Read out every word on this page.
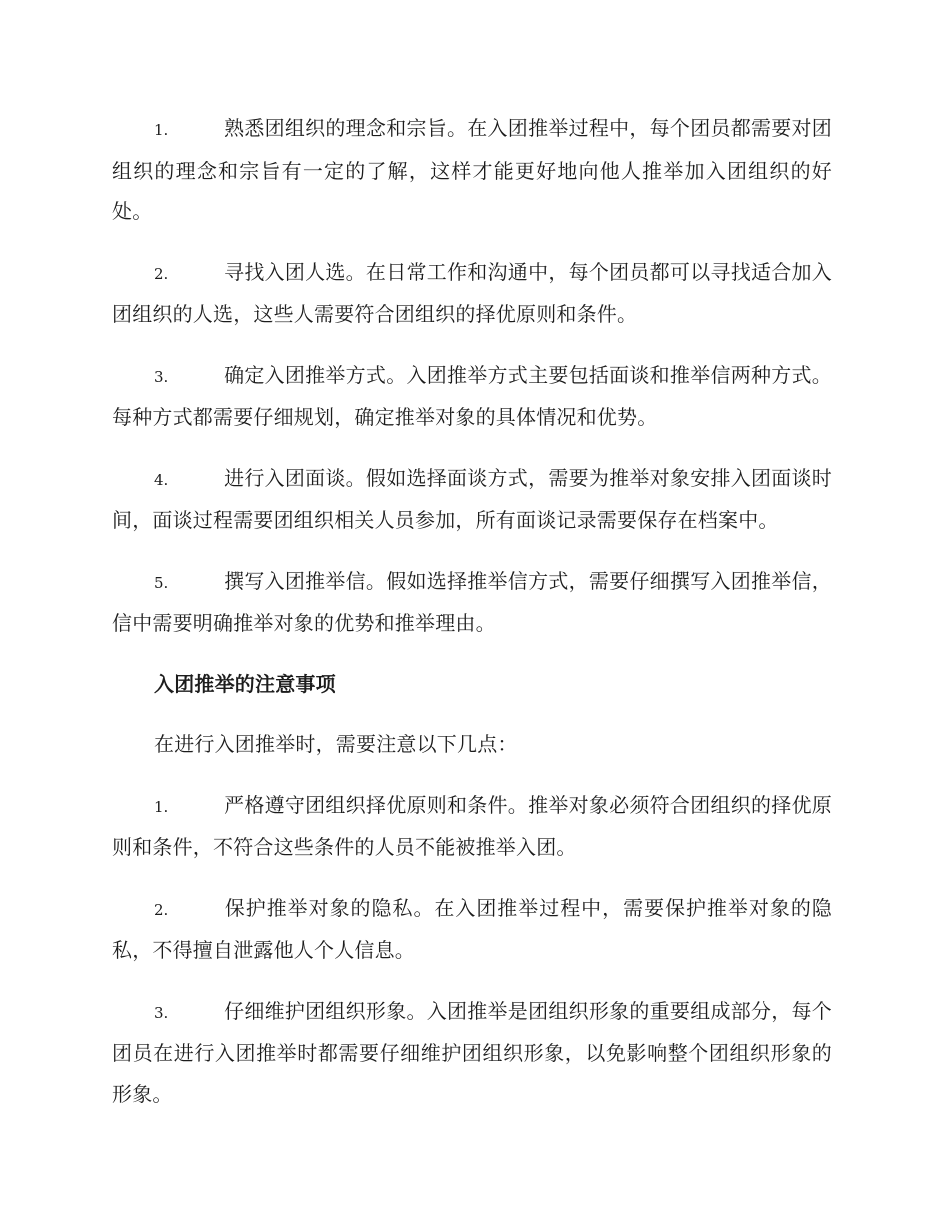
1.	熟悉团组织的理念和宗旨。在入团推举过程中，每个团员都需要对团组织的理念和宗旨有一定的了解，这样才能更好地向他人推举加入团组织的好处。

2.	寻找入团人选。在日常工作和沟通中，每个团员都可以寻找适合加入团组织的人选，这些人需要符合团组织的择优原则和条件。

3.	确定入团推举方式。入团推举方式主要包括面谈和推举信两种方式。每种方式都需要仔细规划，确定推举对象的具体情况和优势。

4.	进行入团面谈。假如选择面谈方式，需要为推举对象安排入团面谈时间，面谈过程需要团组织相关人员参加，所有面谈记录需要保存在档案中。

5.	撰写入团推举信。假如选择推举信方式，需要仔细撰写入团推举信，信中需要明确推举对象的优势和推举理由。

入团推举的注意事项

在进行入团推举时，需要注意以下几点：

1.	严格遵守团组织择优原则和条件。推举对象必须符合团组织的择优原则和条件，不符合这些条件的人员不能被推举入团。

2.	保护推举对象的隐私。在入团推举过程中，需要保护推举对象的隐私，不得擅自泄露他人个人信息。

3.	仔细维护团组织形象。入团推举是团组织形象的重要组成部分，每个团员在进行入团推举时都需要仔细维护团组织形象，以免影响整个团组织形象的形象。
